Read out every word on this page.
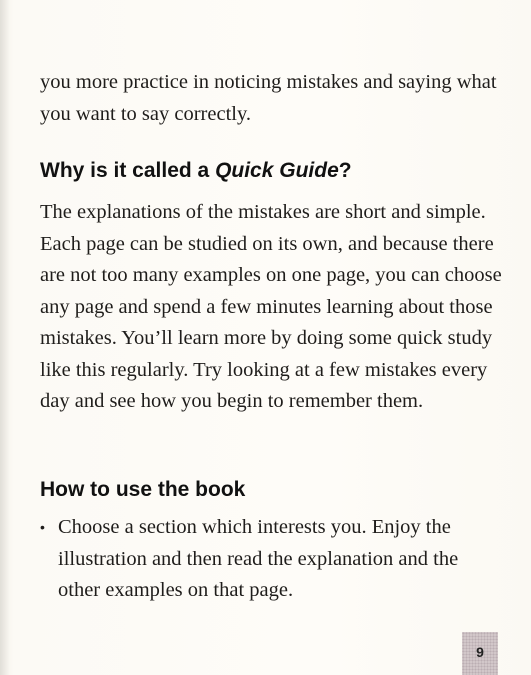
you more practice in noticing mistakes and saying what you want to say correctly.

Why is it called a Quick Guide?

The explanations of the mistakes are short and simple. Each page can be studied on its own, and because there are not too many examples on one page, you can choose any page and spend a few minutes learning about those mistakes. You’ll learn more by doing some quick study like this regularly. Try looking at a few mistakes every day and see how you begin to remember them.

How to use the book
• Choose a section which interests you. Enjoy the illustration and then read the explanation and the other examples on that page.
9
